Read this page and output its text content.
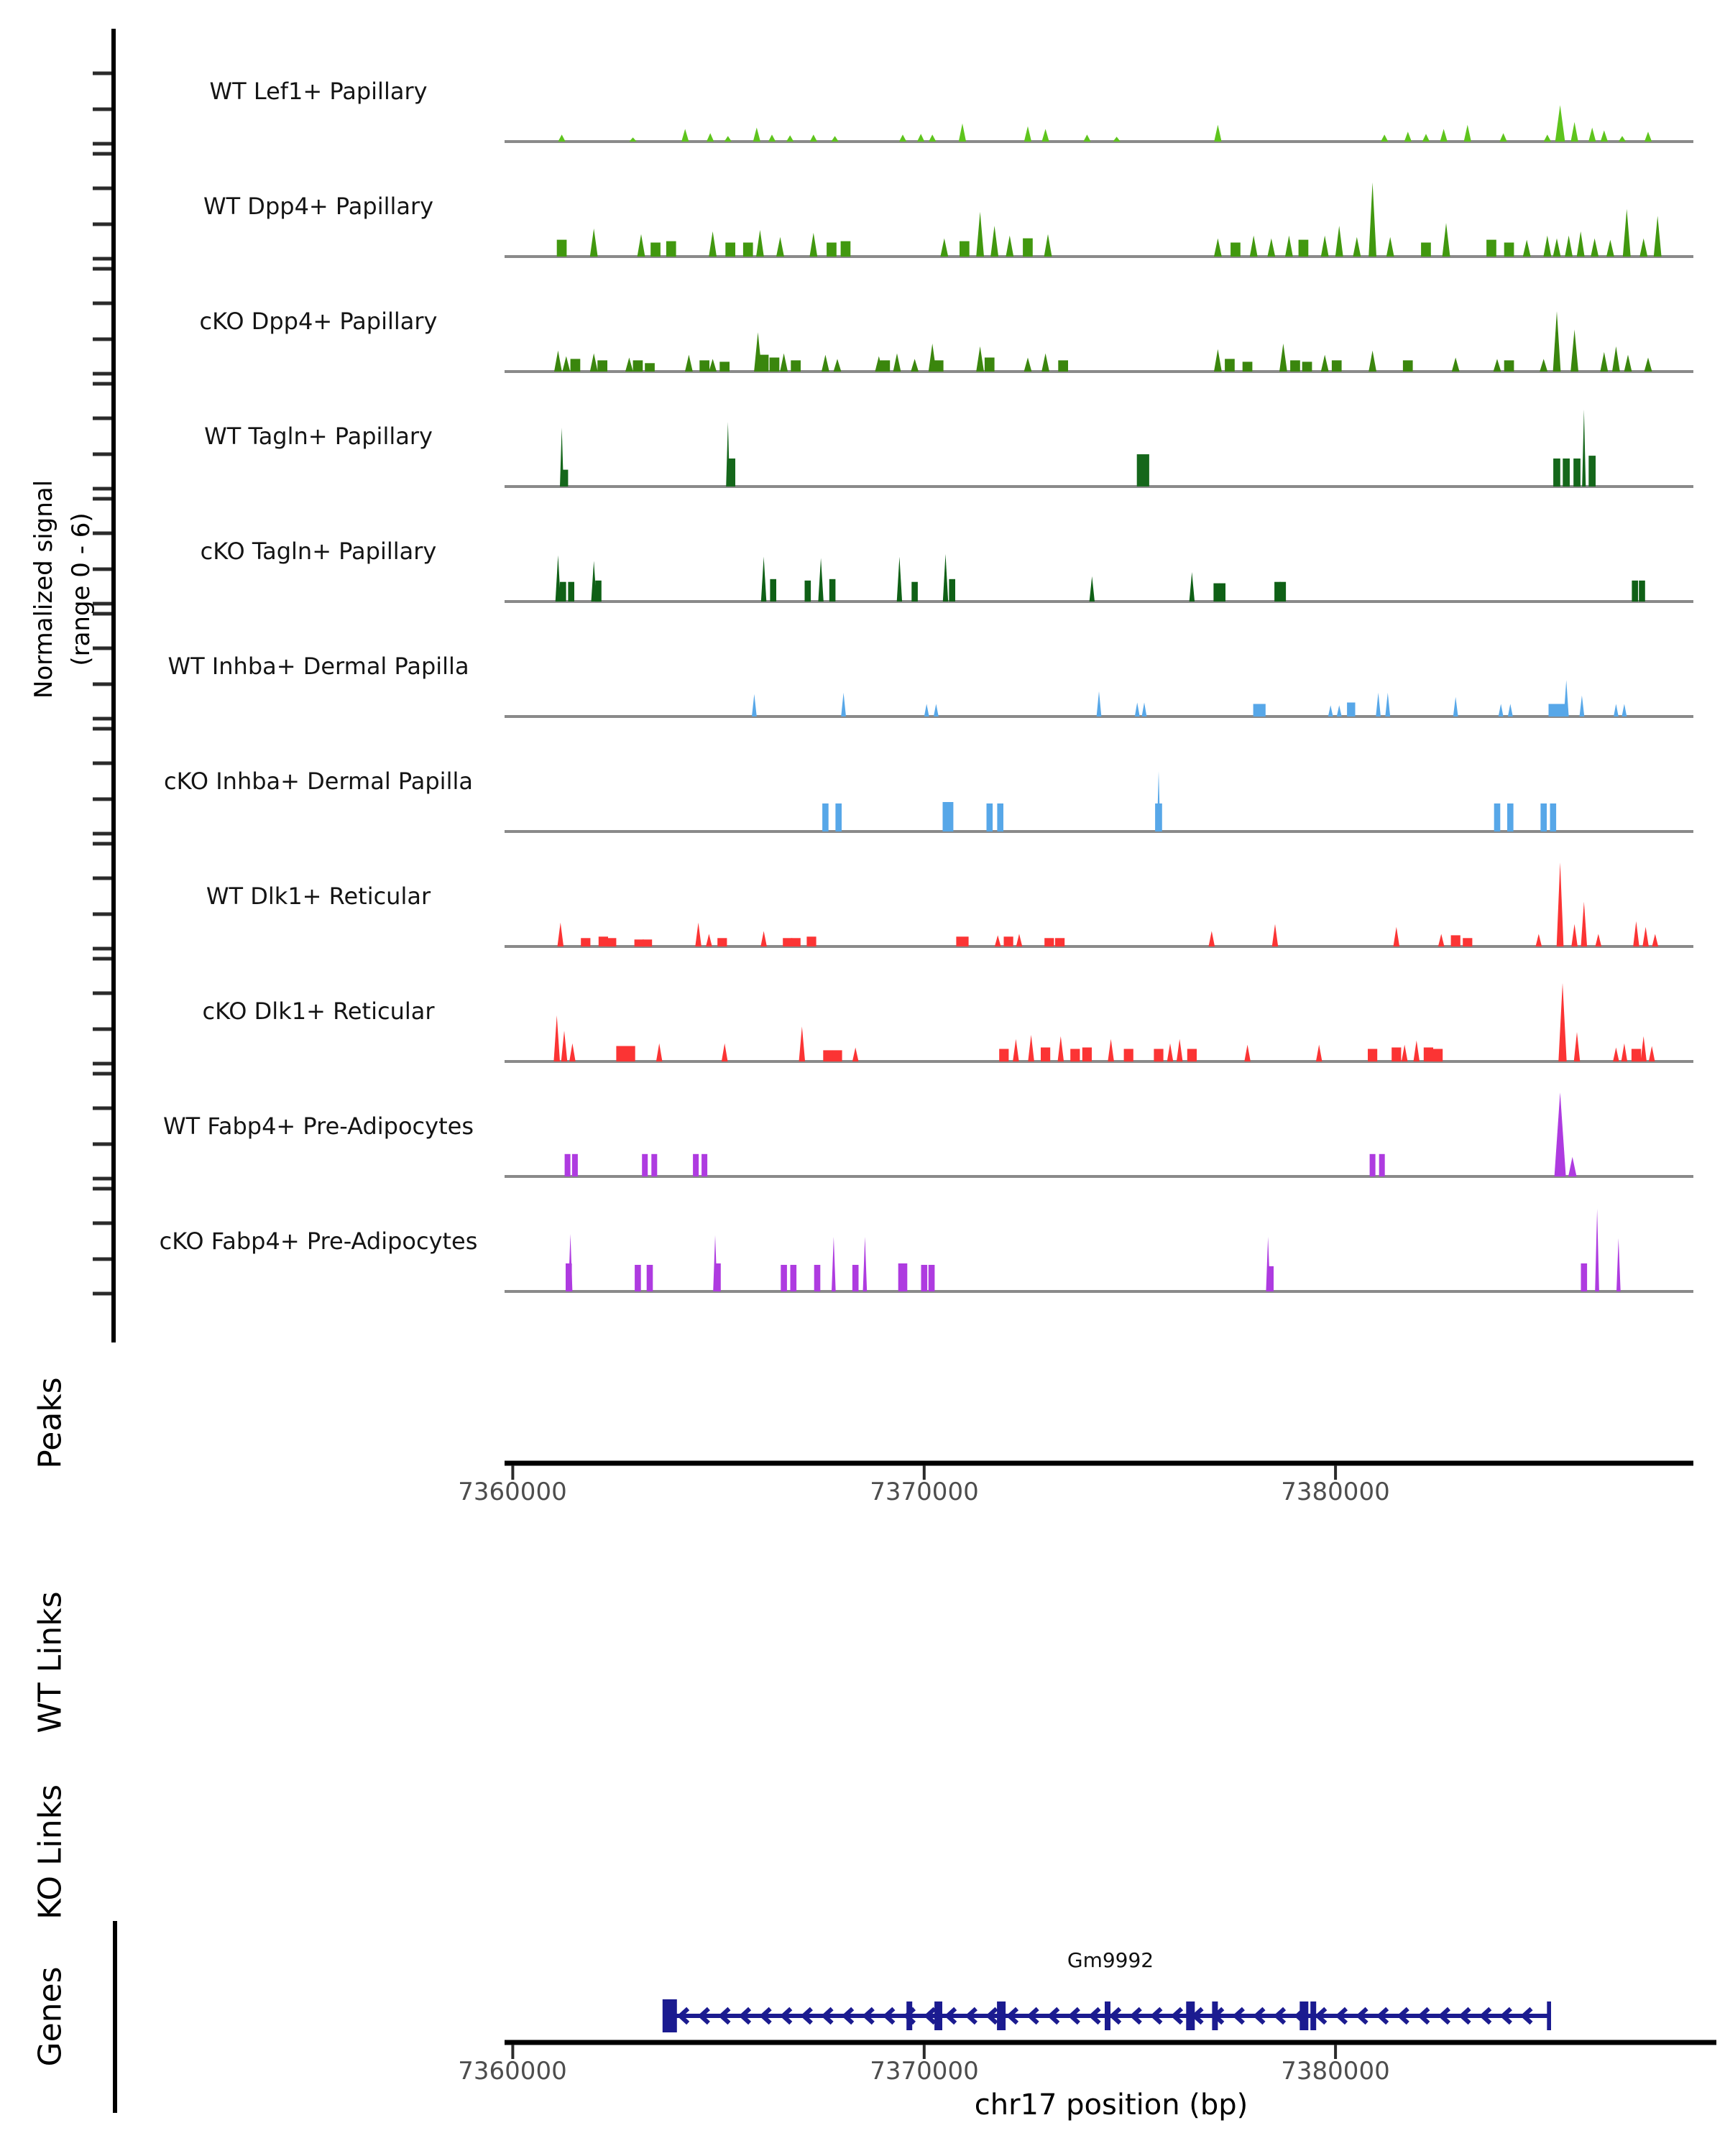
Normalized signal (range 0 - 6)
Peaks
WT Links
KO Links
Genes
WT Lef1+ Papillary
WT Dpp4+ Papillary
cKO Dpp4+ Papillary
WT Tagln+ Papillary
cKO Tagln+ Papillary
WT Inhba+ Dermal Papilla
cKO Inhba+ Dermal Papilla
WT Dlk1+ Reticular
cKO Dlk1+ Reticular
WT Fabp4+ Pre-Adipocytes
cKO Fabp4+ Pre-Adipocytes
7360000	7370000	7380000
Gm9992
7360000	7370000	7380000
chr17 position (bp)
